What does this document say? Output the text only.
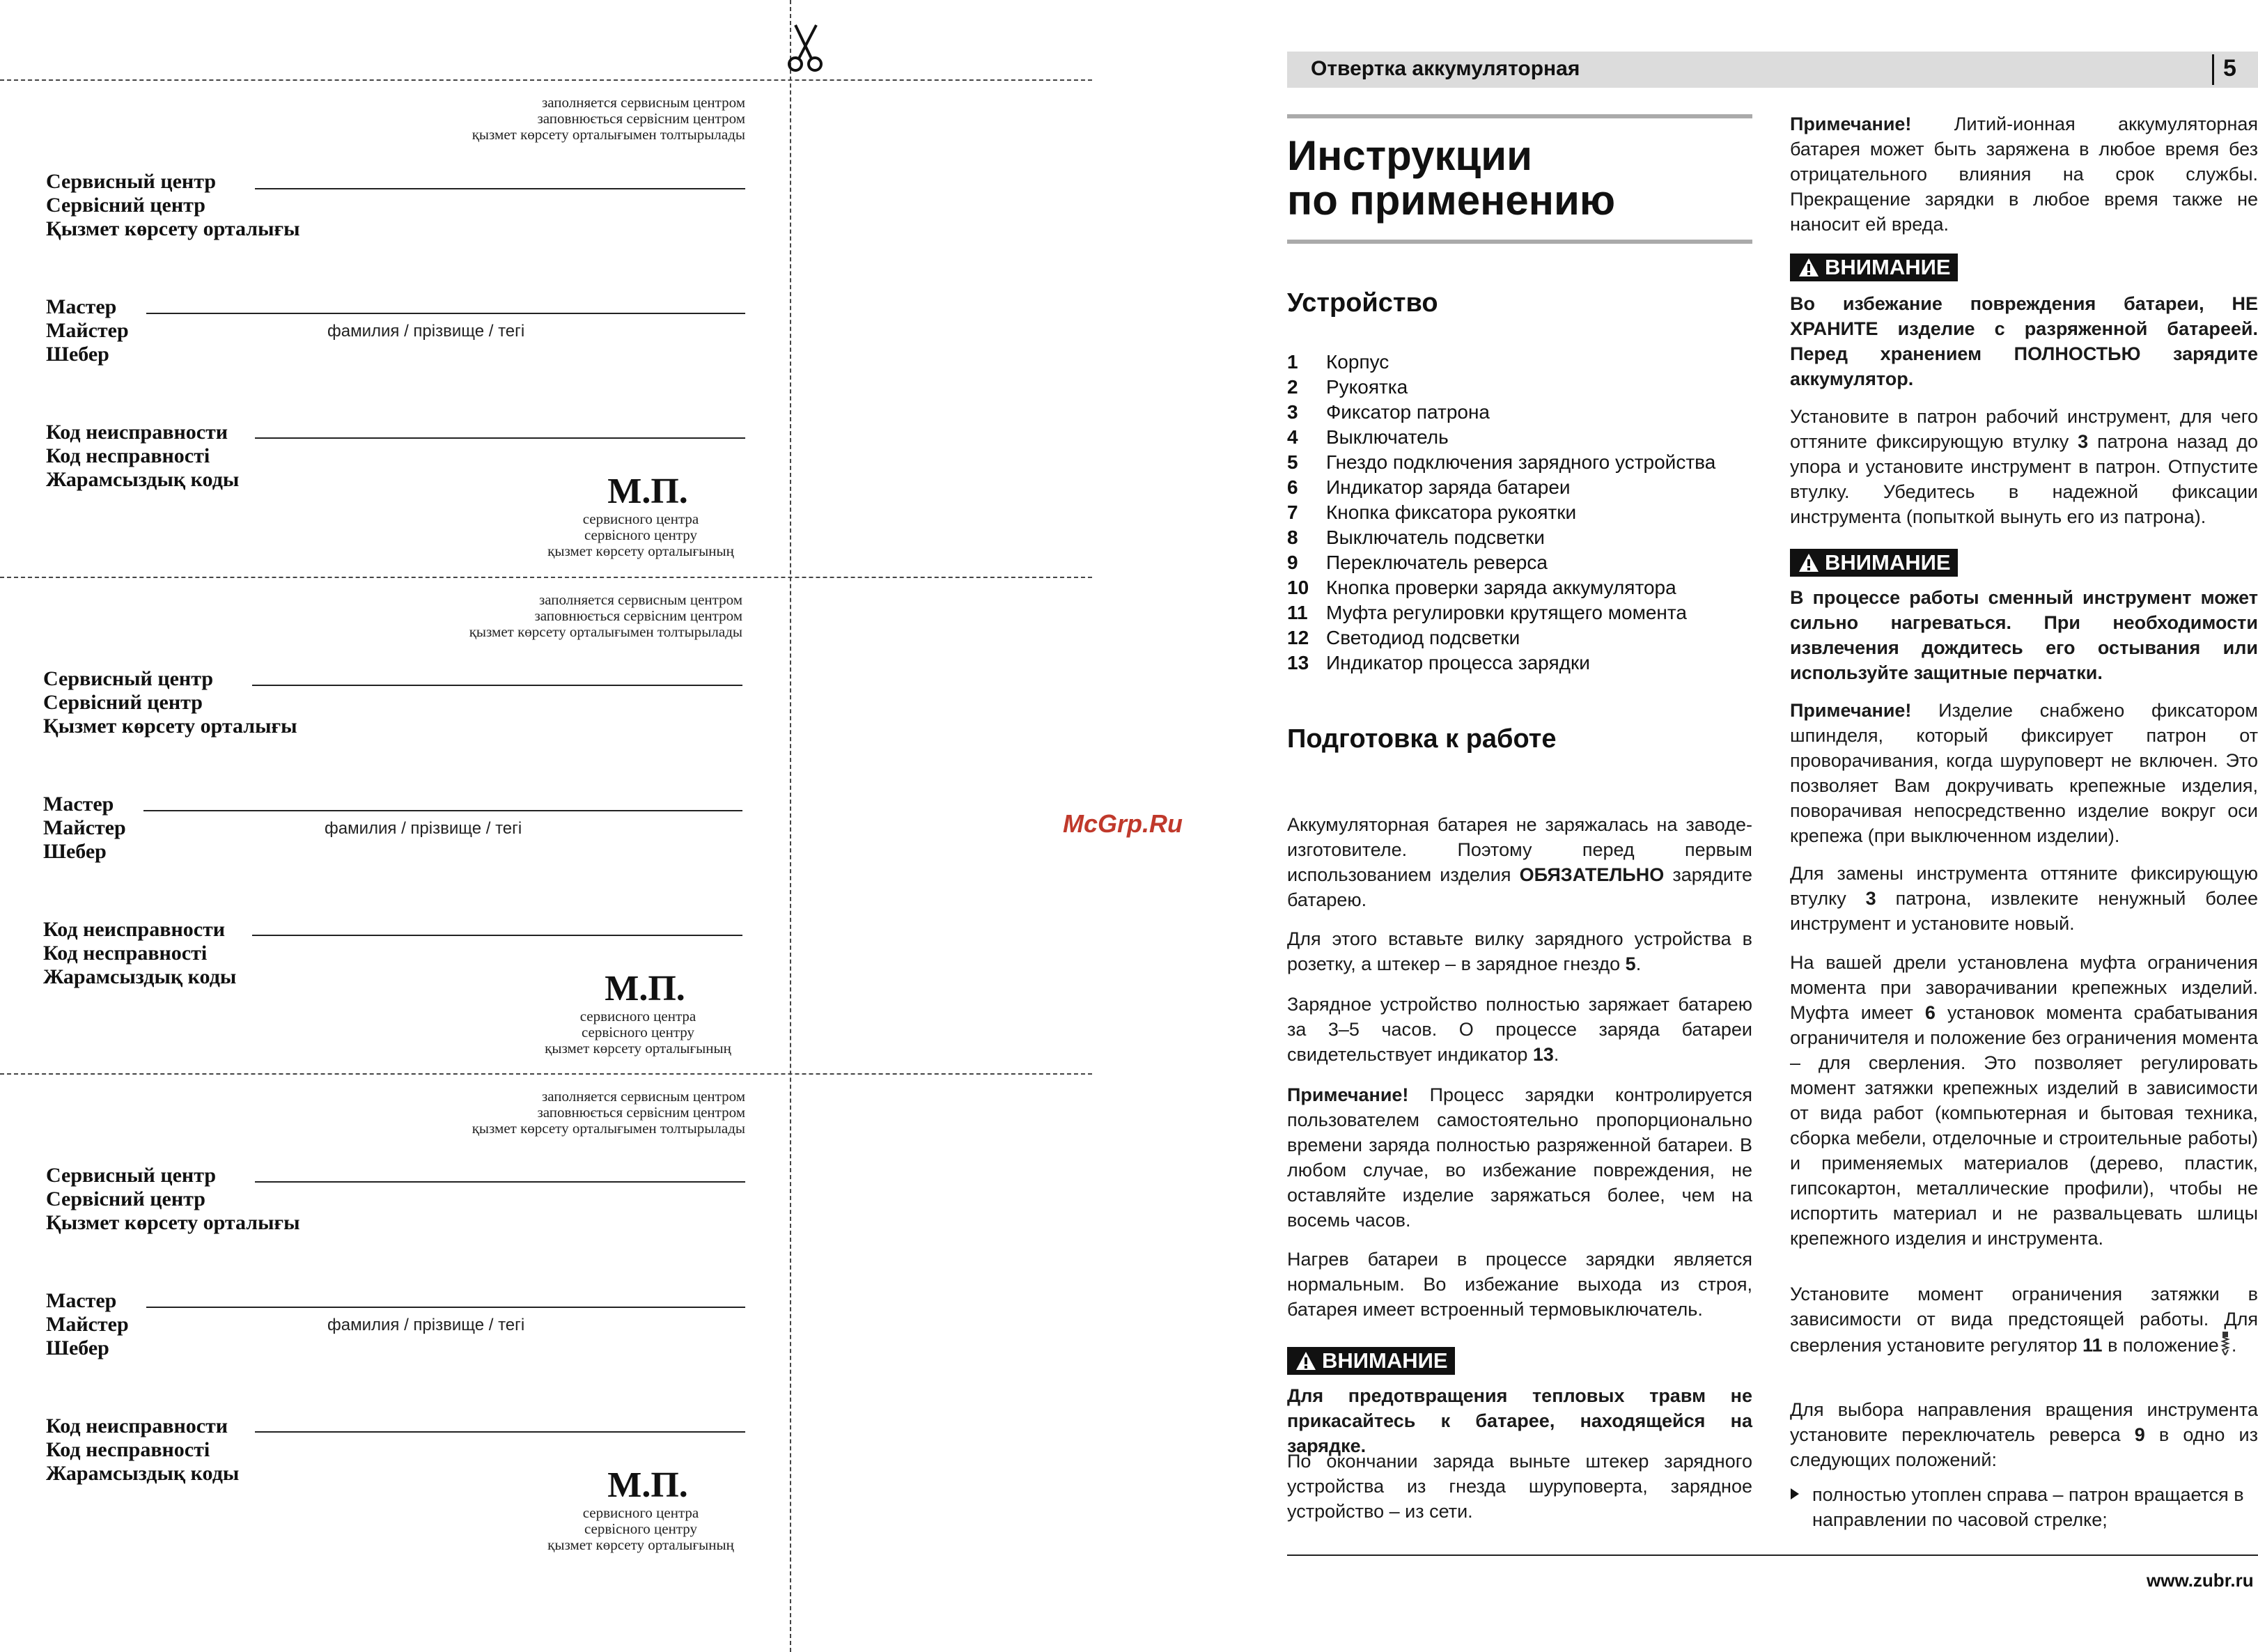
заполняется сервисным центром
заповнюється сервісним центром
қызмет көрсету орталығымен толтырылады
Сервисный центр
Сервісний центр
Қызмет көрсету орталығы
Мастер
Майстер
Шебер
фамилия / прізвище / тегі
Код неисправности
Код несправності
Жарамсыздық коды	М.П.
сервисного центра
сервісного центру
қызмет көрсету орталығының
заполняется сервисным центром
заповнюється сервісним центром
қызмет көрсету орталығымен толтырылады
Сервисный центр
Сервісний центр
Қызмет көрсету орталығы
Мастер
Майстер
Шебер
фамилия / прізвище / тегі
Код неисправности
Код несправності
Жарамсыздық коды	М.П.
сервисного центра
сервісного центру
қызмет көрсету орталығының
заполняется сервисным центром
заповнюється сервісним центром
қызмет көрсету орталығымен толтырылады
Сервисный центр
Сервісний центр
Қызмет көрсету орталығы
Мастер
Майстер
Шебер
фамилия / прізвище / тегі
Код неисправности
Код несправності
Жарамсыздық коды	М.П.
сервисного центра
сервісного центру
қызмет көрсету орталығының
McGrp.Ru
Отвертка аккумуляторная	5
Инструкции
по применению
Устройство
1	Корпус
2	Рукоятка
3	Фиксатор патрона
4	Выключатель
5	Гнездо подключения зарядного устройства
6	Индикатор заряда батареи
7	Кнопка фиксатора рукоятки
8	Выключатель подсветки
9	Переключатель реверса
10 Кнопка проверки заряда аккумулятора
11 Муфта регулировки крутящего момента
12 Светодиод подсветки
13 Индикатор процесса зарядки
Подготовка к работе
Аккумуляторная батарея не заряжалась на заводе-изготовителе. Поэтому перед первым использованием изделия ОБЯЗАТЕЛЬНО зарядите батарею.
Для этого вставьте вилку зарядного устройства в розетку, а штекер – в зарядное гнездо 5.
Зарядное устройство полностью заряжает батарею за 3–5 часов. О процессе заряда батареи свидетельствует индикатор 13.
Примечание! Процесс зарядки контролируется пользователем самостоятельно пропорционально времени заряда полностью разряженной батареи. В любом случае, во избежание повреждения, не оставляйте изделие заряжаться более, чем на восемь часов.
Нагрев батареи в процессе зарядки является нормальным. Во избежание выхода из строя, батарея имеет встроенный термовыключатель.
ВНИМАНИЕ
Для предотвращения тепловых травм не прикасайтесь к батарее, находящейся на зарядке.
По окончании заряда выньте штекер зарядного устройства из гнезда шуруповерта, зарядное устройство – из сети.
Примечание! Литий-ионная аккумуляторная батарея может быть заряжена в любое время без отрицательного влияния на срок службы. Прекращение зарядки в любое время также не наносит ей вреда.
ВНИМАНИЕ
Во избежание повреждения батареи, НЕ ХРАНИТЕ изделие с разряженной батареей. Перед хранением ПОЛНОСТЬЮ зарядите аккумулятор.
Установите в патрон рабочий инструмент, для чего оттяните фиксирующую втулку 3 патрона назад до упора и установите инструмент в патрон. Отпустите втулку. Убедитесь в надежной фиксации инструмента (попыткой вынуть его из патрона).
ВНИМАНИЕ
В процессе работы сменный инструмент может сильно нагреваться. При необходимости извлечения дождитесь его остывания или используйте защитные перчатки.
Примечание! Изделие снабжено фиксатором шпинделя, который фиксирует патрон от проворачивания, когда шуруповерт не включен. Это позволяет Вам докручивать крепежные изделия, поворачивая непосредственно изделие вокруг оси крепежа (при выключенном изделии).
Для замены инструмента оттяните фиксирующую втулку 3 патрона, извлеките ненужный более инструмент и установите новый.
На вашей дрели установлена муфта ограничения момента при заворачивании крепежных изделий. Муфта имеет 6 установок момента срабатывания ограничителя и положение без ограничения момента – для сверления. Это позволяет регулировать момент затяжки крепежных изделий в зависимости от вида работ (компьютерная и бытовая техника, сборка мебели, отделочные и строительные работы) и применяемых материалов (дерево, пластик, гипсокартон, металлические профили), чтобы не испортить материал и не развальцевать шлицы крепежного изделия и инструмента.
Установите момент ограничения затяжки в зависимости от вида предстоящей работы. Для сверления установите регулятор 11 в положение .
Для выбора направления вращения инструмента установите переключатель реверса 9 в одно из следующих положений:
полностью утоплен справа – патрон вращается в направлении по часовой стрелке;
www.zubr.ru
